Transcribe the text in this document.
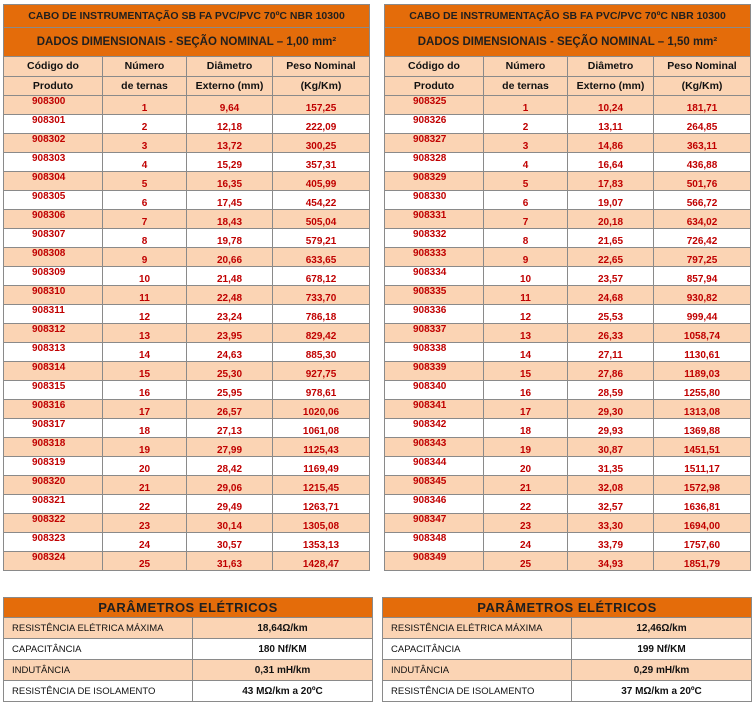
CABO DE INSTRUMENTAÇÃO SB FA PVC/PVC 70ºC NBR 10300			
DADOS DIMENSIONAIS - SEÇÃO NOMINAL – 1,00 mm²			
Código do	Número	Diâmetro	Peso Nominal
Produto	de ternas	Externo (mm)	(Kg/Km)
908300	1	9,64	157,25
908301	2	12,18	222,09
908302	3	13,72	300,25
908303	4	15,29	357,31
908304	5	16,35	405,99
908305	6	17,45	454,22
908306	7	18,43	505,04
908307	8	19,78	579,21
908308	9	20,66	633,65
908309	10	21,48	678,12
908310	11	22,48	733,70
908311	12	23,24	786,18
908312	13	23,95	829,42
908313	14	24,63	885,30
908314	15	25,30	927,75
908315	16	25,95	978,61
908316	17	26,57	1020,06
908317	18	27,13	1061,08
908318	19	27,99	1125,43
908319	20	28,42	1169,49
908320	21	29,06	1215,45
908321	22	29,49	1263,71
908322	23	30,14	1305,08
908323	24	30,57	1353,13
908324	25	31,63	1428,47
CABO DE INSTRUMENTAÇÃO SB FA PVC/PVC 70ºC NBR 10300			
DADOS DIMENSIONAIS - SEÇÃO NOMINAL – 1,50 mm²			
Código do	Número	Diâmetro	Peso Nominal
Produto	de ternas	Externo (mm)	(Kg/Km)
908325	1	10,24	181,71
908326	2	13,11	264,85
908327	3	14,86	363,11
908328	4	16,64	436,88
908329	5	17,83	501,76
908330	6	19,07	566,72
908331	7	20,18	634,02
908332	8	21,65	726,42
908333	9	22,65	797,25
908334	10	23,57	857,94
908335	11	24,68	930,82
908336	12	25,53	999,44
908337	13	26,33	1058,74
908338	14	27,11	1130,61
908339	15	27,86	1189,03
908340	16	28,59	1255,80
908341	17	29,30	1313,08
908342	18	29,93	1369,88
908343	19	30,87	1451,51
908344	20	31,35	1511,17
908345	21	32,08	1572,98
908346	22	32,57	1636,81
908347	23	33,30	1694,00
908348	24	33,79	1757,60
908349	25	34,93	1851,79
PARÂMETROS ELÉTRICOS	
RESISTÊNCIA ELÉTRICA MÁXIMA	18,64Ω/km
CAPACITÂNCIA	180 Nf/KM
INDUTÂNCIA	0,31 mH/km
RESISTÊNCIA DE ISOLAMENTO	43 MΩ/km a 20ºC
PARÂMETROS ELÉTRICOS	
RESISTÊNCIA ELÉTRICA MÁXIMA	12,46Ω/km
CAPACITÂNCIA	199 Nf/KM
INDUTÂNCIA	0,29 mH/km
RESISTÊNCIA DE ISOLAMENTO	37 MΩ/km a 20ºC
